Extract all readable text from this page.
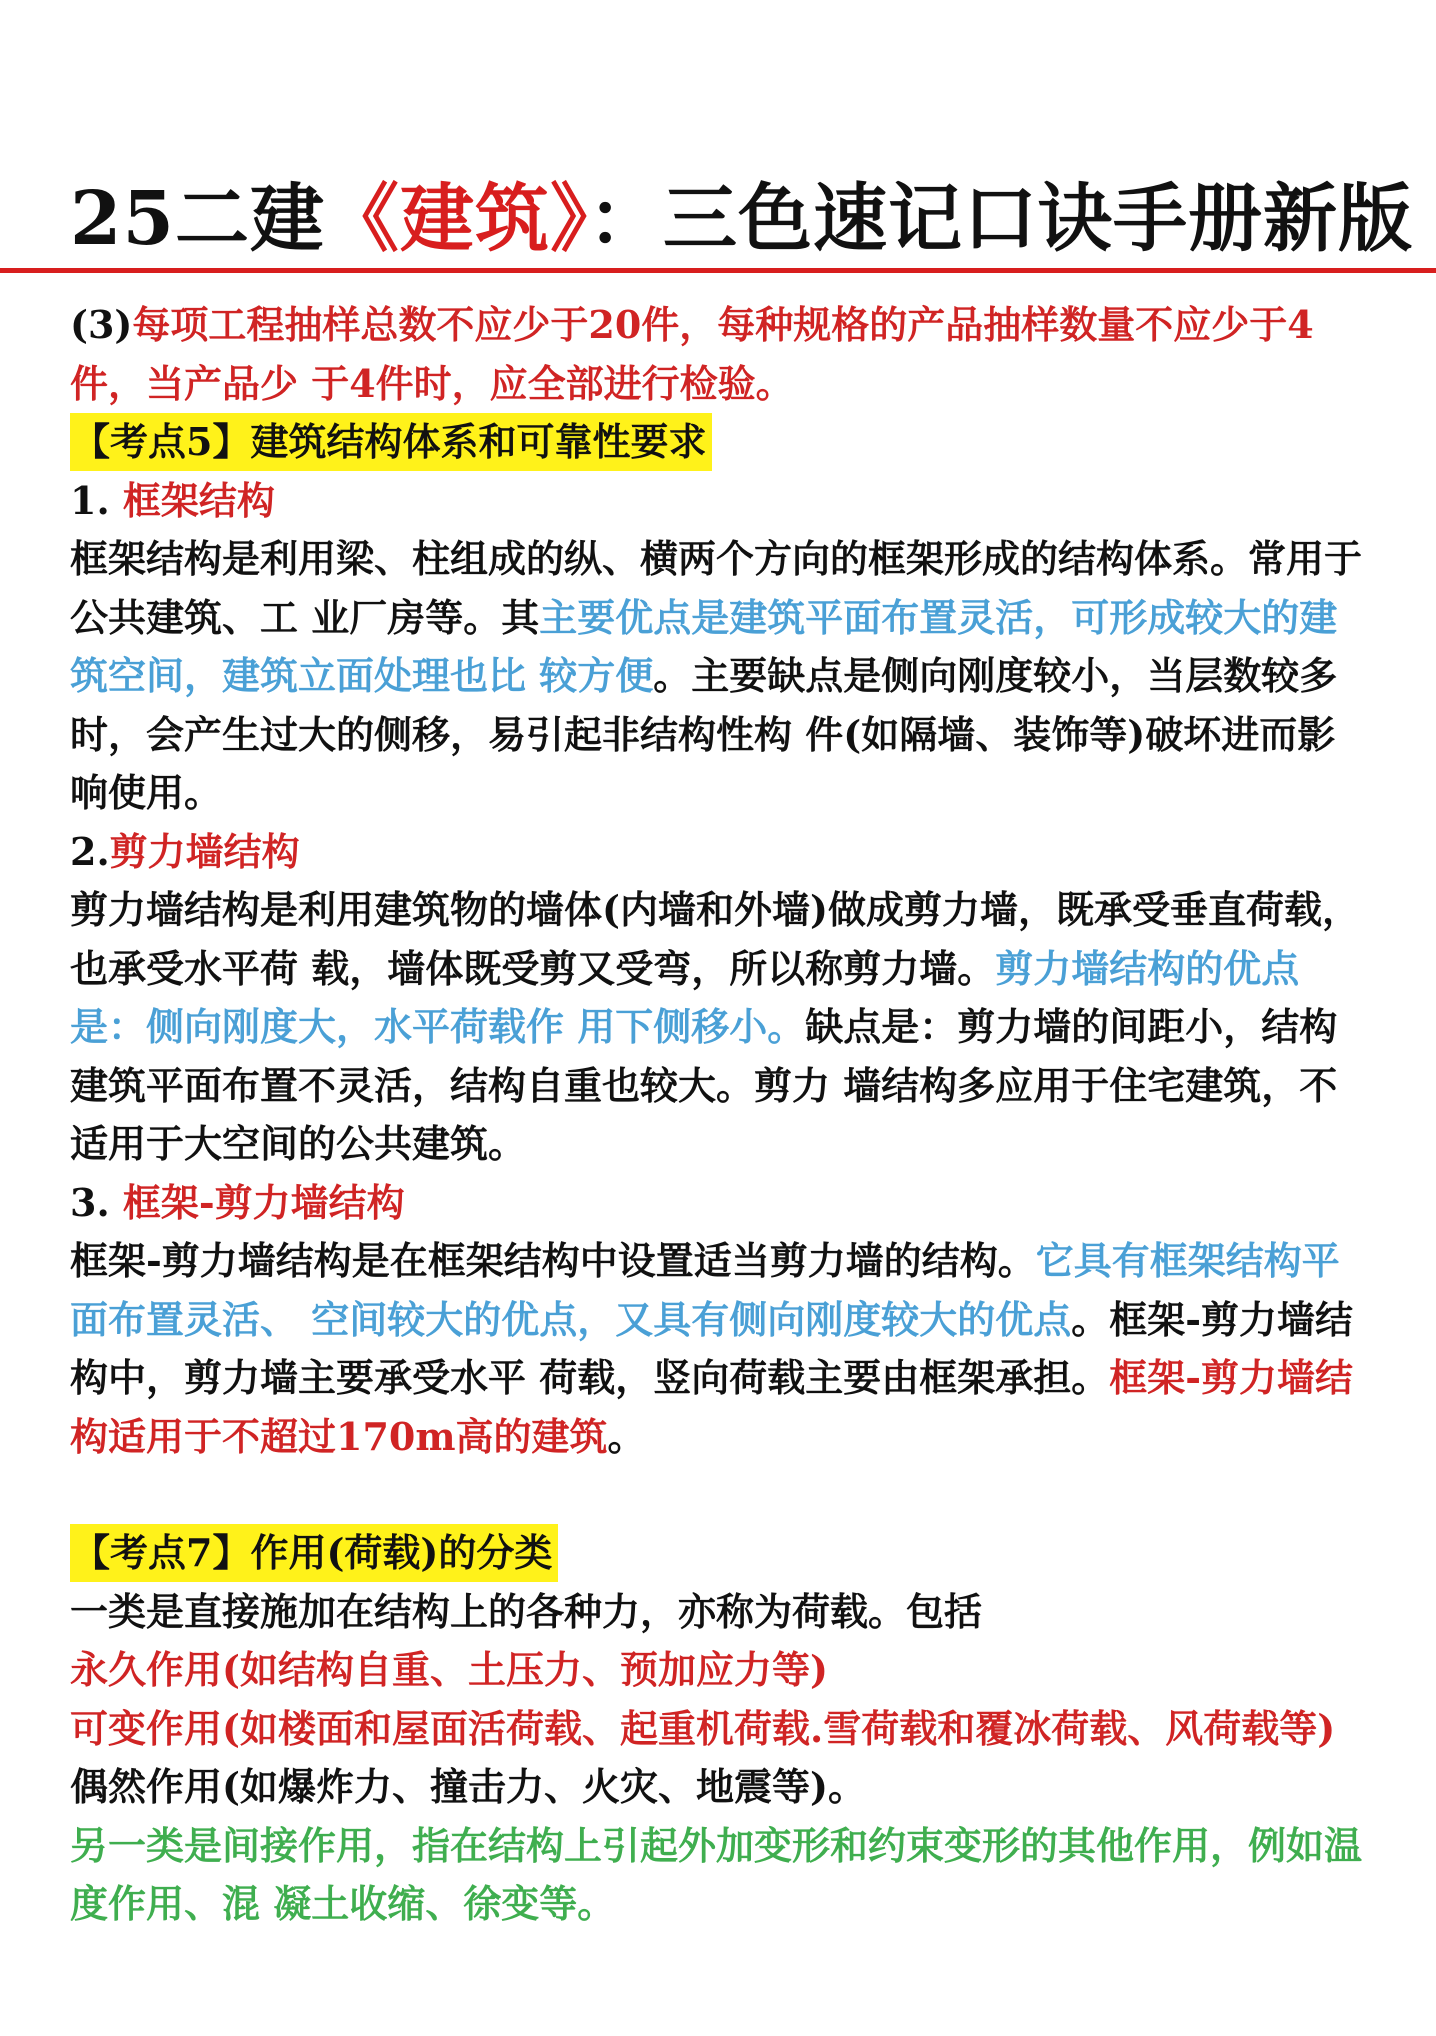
25二建《建筑》：三色速记口诀手册新版

(3)每项工程抽样总数不应少于20件，每种规格的产品抽样数量不应少于4件，当产品少 于4件时，应全部进行检验。

【考点5】建筑结构体系和可靠性要求

1. 框架结构

框架结构是利用梁、柱组成的纵、横两个方向的框架形成的结构体系。常用于公共建筑、工 业厂房等。其主要优点是建筑平面布置灵活，可形成较大的建筑空间，建筑立面处理也比 较方便。主要缺点是侧向刚度较小，当层数较多时，会产生过大的侧移，易引起非结构性构 件(如隔墙、装饰等)破坏进而影响使用。

2.剪力墙结构

剪力墙结构是利用建筑物的墙体(内墙和外墙)做成剪力墙，既承受垂直荷载，也承受水平荷 载，墙体既受剪又受弯，所以称剪力墙。剪力墙结构的优点是：侧向刚度大，水平荷载作 用下侧移小。缺点是：剪力墙的间距小，结构建筑平面布置不灵活，结构自重也较大。剪力 墙结构多应用于住宅建筑，不适用于大空间的公共建筑。

3. 框架-剪力墙结构

框架-剪力墙结构是在框架结构中设置适当剪力墙的结构。它具有框架结构平面布置灵活、 空间较大的优点，又具有侧向刚度较大的优点。框架-剪力墙结构中，剪力墙主要承受水平 荷载，竖向荷载主要由框架承担。框架-剪力墙结构适用于不超过170m高的建筑。

【考点7】作用(荷载)的分类

一类是直接施加在结构上的各种力，亦称为荷载。包括

永久作用(如结构自重、土压力、预加应力等)

可变作用(如楼面和屋面活荷载、起重机荷载.雪荷载和覆冰荷载、风荷载等)

偶然作用(如爆炸力、撞击力、火灾、地震等)。

另一类是间接作用，指在结构上引起外加变形和约束变形的其他作用，例如温度作用、混 凝土收缩、徐变等。
